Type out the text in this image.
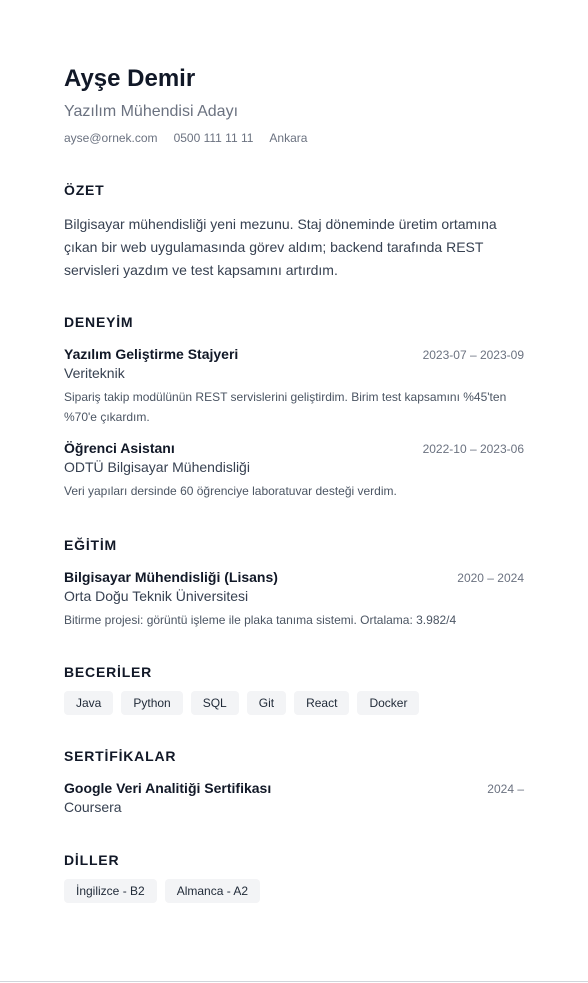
Ayşe Demir
Yazılım Mühendisi Adayı
ayse@ornek.com 0500 111 11 11 Ankara
ÖZET
Bilgisayar mühendisliği yeni mezunu. Staj döneminde üretim ortamına çıkan bir web uygulamasında görev aldım; backend tarafında REST servisleri yazdım ve test kapsamını artırdım.
DENEYİM
Yazılım Geliştirme Stajyeri	2023-07 – 2023-09
Veriteknik
Sipariş takip modülünün REST servislerini geliştirdim. Birim test kapsamını %45'ten %70'e çıkardım.
Öğrenci Asistanı	2022-10 – 2023-06
ODTÜ Bilgisayar Mühendisliği
Veri yapıları dersinde 60 öğrenciye laboratuvar desteği verdim.
EĞİTİM
Bilgisayar Mühendisliği (Lisans)	2020 – 2024
Orta Doğu Teknik Üniversitesi
Bitirme projesi: görüntü işleme ile plaka tanıma sistemi. Ortalama: 3.982/4
BECERİLER
Java	Python	SQL	Git	React	Docker
SERTİFİKALAR
Google Veri Analitiği Sertifikası	2024 –
Coursera
DİLLER
İngilizce - B2	Almanca - A2
